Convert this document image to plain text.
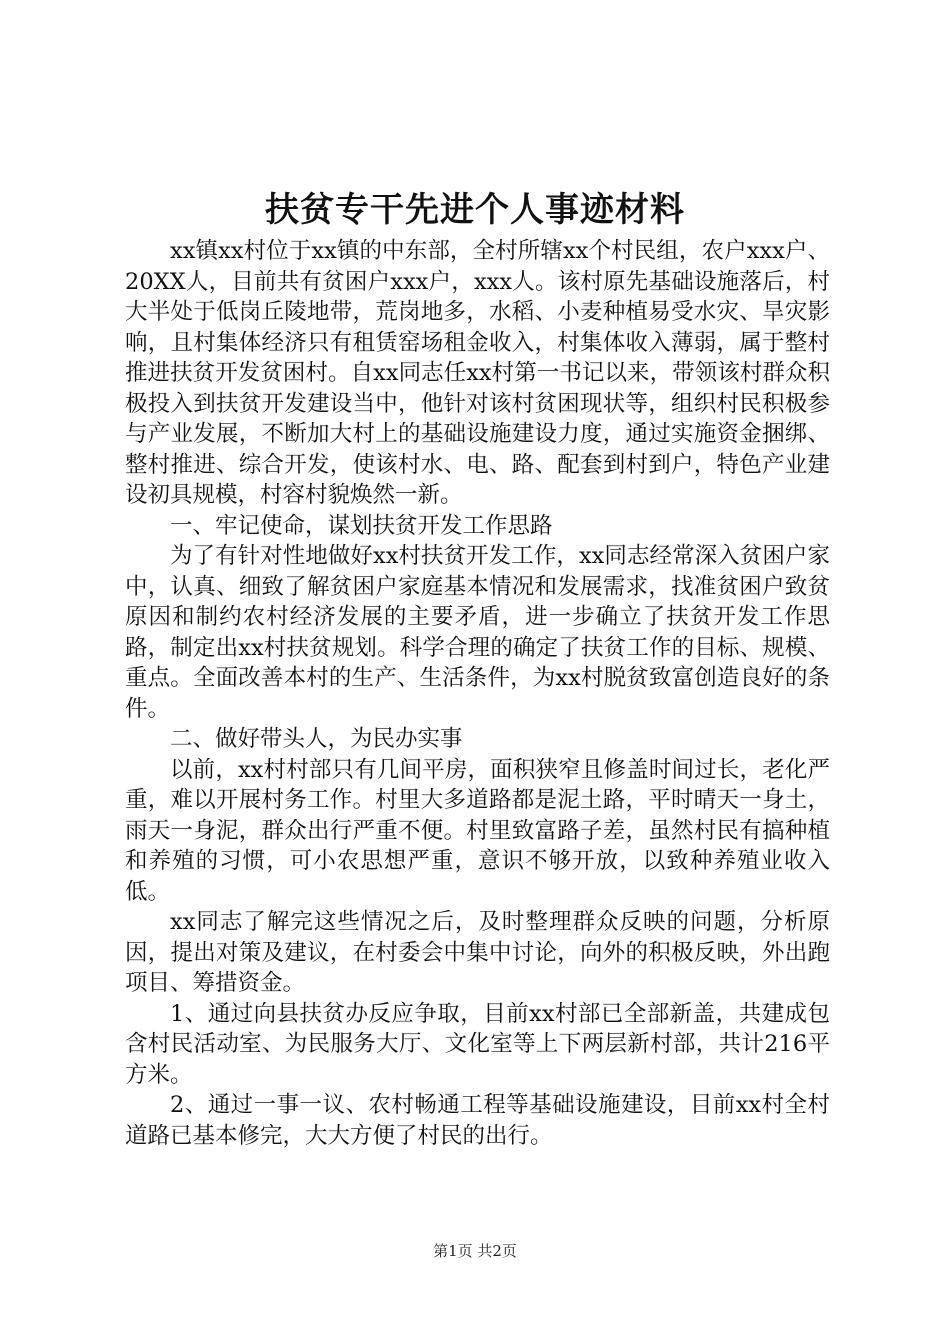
扶贫专干先进个人事迹材料

xx镇xx村位于xx镇的中东部，全村所辖xx个村民组，农户xxx户、20XX人，目前共有贫困户xxx户，xxx人。该村原先基础设施落后，村大半处于低岗丘陵地带，荒岗地多，水稻、小麦种植易受水灾、旱灾影响，且村集体经济只有租赁窑场租金收入，村集体收入薄弱，属于整村推进扶贫开发贫困村。自xx同志任xx村第一书记以来，带领该村群众积极投入到扶贫开发建设当中，他针对该村贫困现状等，组织村民积极参与产业发展，不断加大村上的基础设施建设力度，通过实施资金捆绑、整村推进、综合开发，使该村水、电、路、配套到村到户，特色产业建设初具规模，村容村貌焕然一新。

一、牢记使命，谋划扶贫开发工作思路

为了有针对性地做好xx村扶贫开发工作，xx同志经常深入贫困户家中，认真、细致了解贫困户家庭基本情况和发展需求，找准贫困户致贫原因和制约农村经济发展的主要矛盾，进一步确立了扶贫开发工作思路，制定出xx村扶贫规划。科学合理的确定了扶贫工作的目标、规模、重点。全面改善本村的生产、生活条件，为xx村脱贫致富创造良好的条件。

二、做好带头人，为民办实事

以前，xx村村部只有几间平房，面积狭窄且修盖时间过长，老化严重，难以开展村务工作。村里大多道路都是泥土路，平时晴天一身土，雨天一身泥，群众出行严重不便。村里致富路子差，虽然村民有搞种植和养殖的习惯，可小农思想严重，意识不够开放，以致种养殖业收入低。

xx同志了解完这些情况之后，及时整理群众反映的问题，分析原因，提出对策及建议，在村委会中集中讨论，向外的积极反映，外出跑项目、筹措资金。

1、通过向县扶贫办反应争取，目前xx村部已全部新盖，共建成包含村民活动室、为民服务大厅、文化室等上下两层新村部，共计216平方米。

2、通过一事一议、农村畅通工程等基础设施建设，目前xx村全村道路已基本修完，大大方便了村民的出行。

第1页 共2页
